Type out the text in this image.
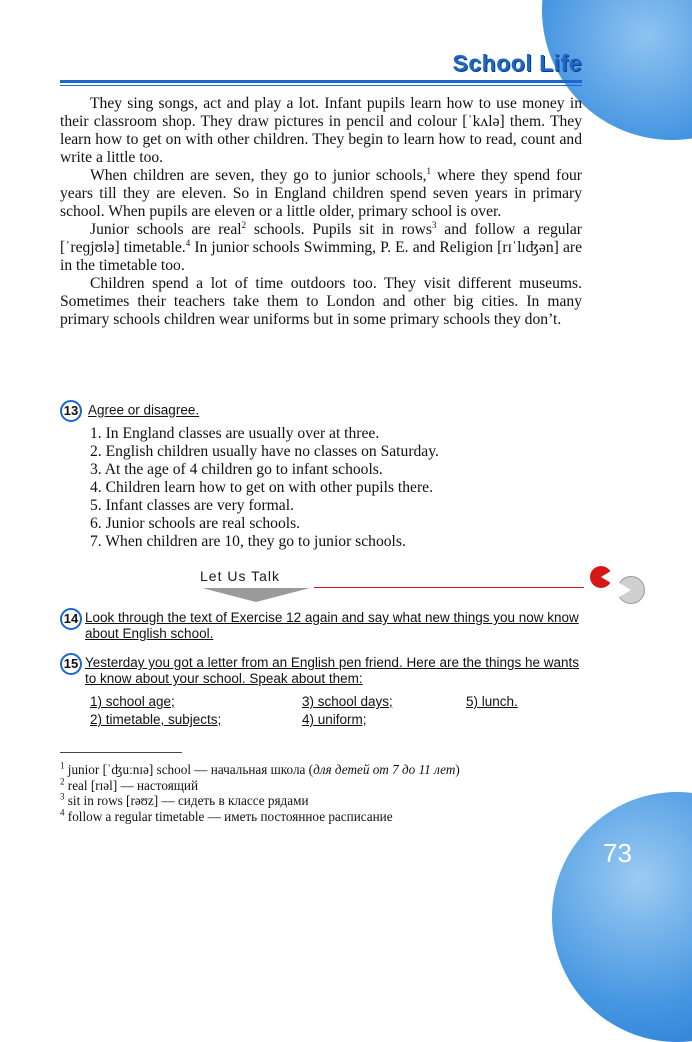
School Life

They sing songs, act and play a lot. Infant pupils learn how to use money in their classroom shop. They draw pictures in pencil and colour [ˈkʌlə] them. They learn how to get on with other children. They begin to learn how to read, count and write a little too.

When children are seven, they go to junior schools,$^1$ where they spend four years till they are eleven. So in England children spend seven years in primary school. When pupils are eleven or a little older, primary school is over.

Junior schools are real$^2$ schools. Pupils sit in rows$^3$ and follow a regular [ˈreɡjʊlə] timetable.$^4$ In junior schools Swimming, P. E. and Religion [rɪˈlɪʤən] are in the timetable too.

Children spend a lot of time outdoors too. They visit different museums. Sometimes their teachers take them to London and other big cities. In many primary schools children wear uniforms but in some primary schools they don’t.

13 Agree or disagree.
1. In England classes are usually over at three.
2. English children usually have no classes on Saturday.
3. At the age of 4 children go to infant schools.
4. Children learn how to get on with other pupils there.
5. Infant classes are very formal.
6. Junior schools are real schools.
7. When children are 10, they go to junior schools.
Let Us Talk
14 Look through the text of Exercise 12 again and say what new things you now know about English school.
15 Yesterday you got a letter from an English pen friend. Here are the things he wants to know about your school. Speak about them:
1) school age;	3) school days;	5) lunch.
2) timetable, subjects;	4) uniform;
$^1$ junior [ˈʤuːnɪə] school — начальная школа (для детей от 7 до 11 лет)
$^2$ real [rɪəl] — настоящий
$^3$ sit in rows [rəʊz] — сидеть в классе рядами
$^4$ follow a regular timetable — иметь постоянное расписание
73
